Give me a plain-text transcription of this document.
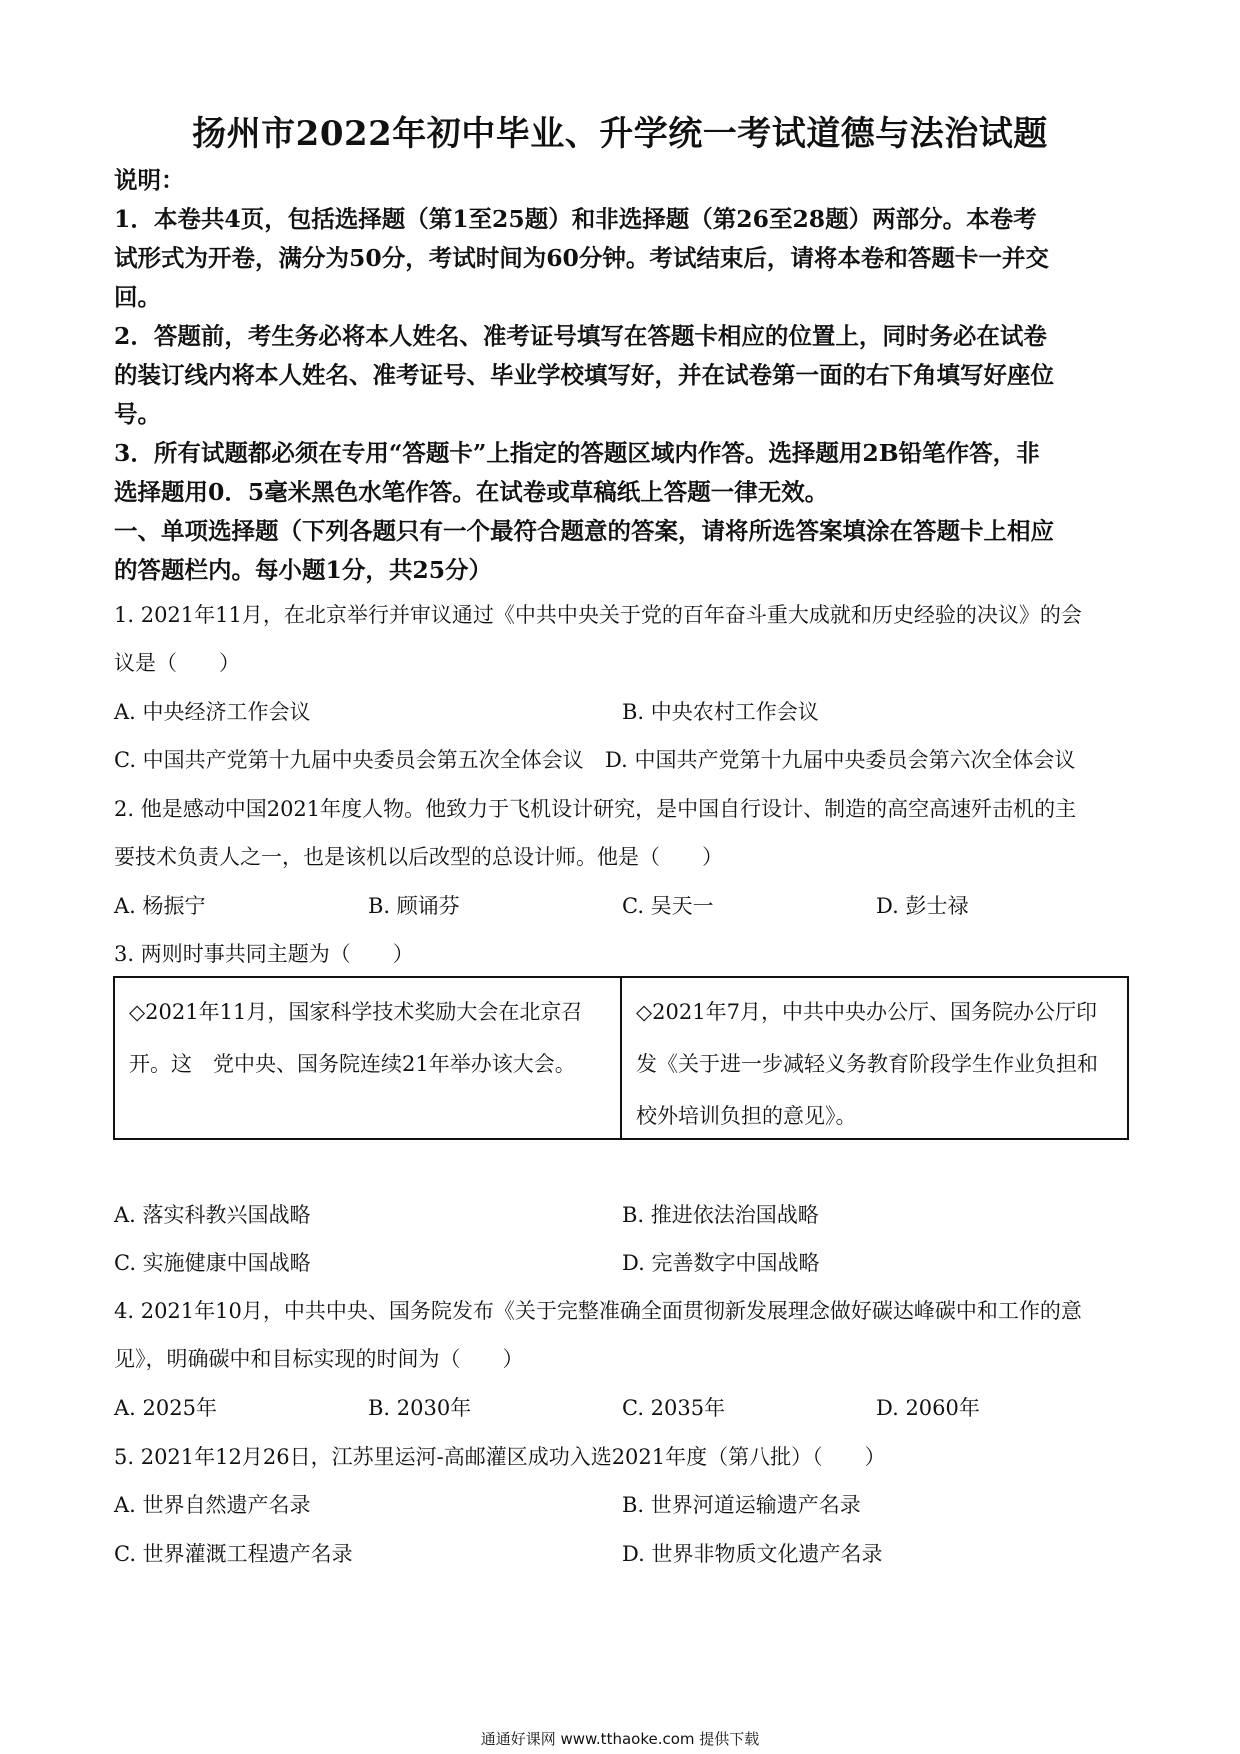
扬州市2022年初中毕业、升学统一考试道德与法治试题
说明：
1．本卷共4页，包括选择题（第1至25题）和非选择题（第26至28题）两部分。本卷考
试形式为开卷，满分为50分，考试时间为60分钟。考试结束后，请将本卷和答题卡一并交
回。
2．答题前，考生务必将本人姓名、准考证号填写在答题卡相应的位置上，同时务必在试卷
的装订线内将本人姓名、准考证号、毕业学校填写好，并在试卷第一面的右下角填写好座位
号。
3．所有试题都必须在专用“答题卡”上指定的答题区域内作答。选择题用2B铅笔作答，非
选择题用0．5毫米黑色水笔作答。在试卷或草稿纸上答题一律无效。
一、单项选择题（下列各题只有一个最符合题意的答案，请将所选答案填涂在答题卡上相应
的答题栏内。每小题1分，共25分）
1. 2021年11月，在北京举行并审议通过《中共中央关于党的百年奋斗重大成就和历史经验的决议》的会
议是（　　）
A. 中央经济工作会议	B. 中央农村工作会议
C. 中国共产党第十九届中央委员会第五次全体会议 D. 中国共产党第十九届中央委员会第六次全体会议
2. 他是感动中国2021年度人物。他致力于飞机设计研究，是中国自行设计、制造的高空高速歼击机的主
要技术负责人之一，也是该机以后改型的总设计师。他是（　　）
A. 杨振宁	B. 顾诵芬	C. 吴天一	D. 彭士禄
3. 两则时事共同主题为（　　）
◇2021年11月，国家科学技术奖励大会在北京召开。这　党中央、国务院连续21年举办该大会。
◇2021年7月，中共中央办公厅、国务院办公厅印发《关于进一步减轻义务教育阶段学生作业负担和校外培训负担的意见》。
A. 落实科教兴国战略	B. 推进依法治国战略
C. 实施健康中国战略	D. 完善数字中国战略
4. 2021年10月，中共中央、国务院发布《关于完整准确全面贯彻新发展理念做好碳达峰碳中和工作的意
见》，明确碳中和目标实现的时间为（　　）
A. 2025年	B. 2030年	C. 2035年	D. 2060年
5. 2021年12月26日，江苏里运河-高邮灌区成功入选2021年度（第八批）（　　）
A. 世界自然遗产名录	B. 世界河道运输遗产名录
C. 世界灌溉工程遗产名录	D. 世界非物质文化遗产名录
通通好课网 www.tthaoke.com 提供下载
